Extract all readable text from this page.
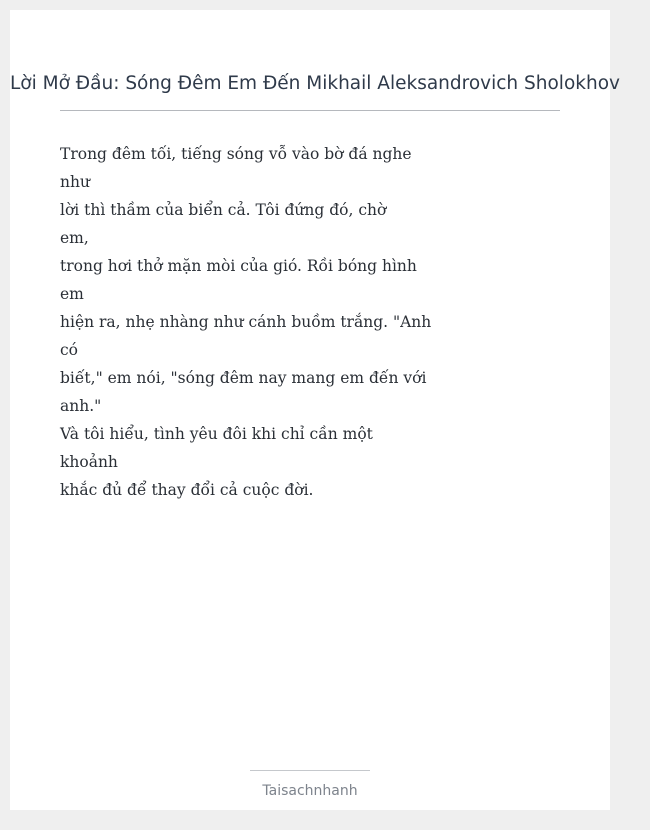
Lời Mở Đầu: Sóng Đêm Em Đến Mikhail Aleksandrovich Sholokhov
Trong đêm tối, tiếng sóng vỗ vào bờ đá nghe
như
lời thì thầm của biển cả. Tôi đứng đó, chờ
em,
trong hơi thở mặn mòi của gió. Rồi bóng hình
em
hiện ra, nhẹ nhàng như cánh buồm trắng. "Anh
có
biết," em nói, "sóng đêm nay mang em đến với
anh."
Và tôi hiểu, tình yêu đôi khi chỉ cần một
khoảnh
khắc đủ để thay đổi cả cuộc đời.
Taisachnhanh
